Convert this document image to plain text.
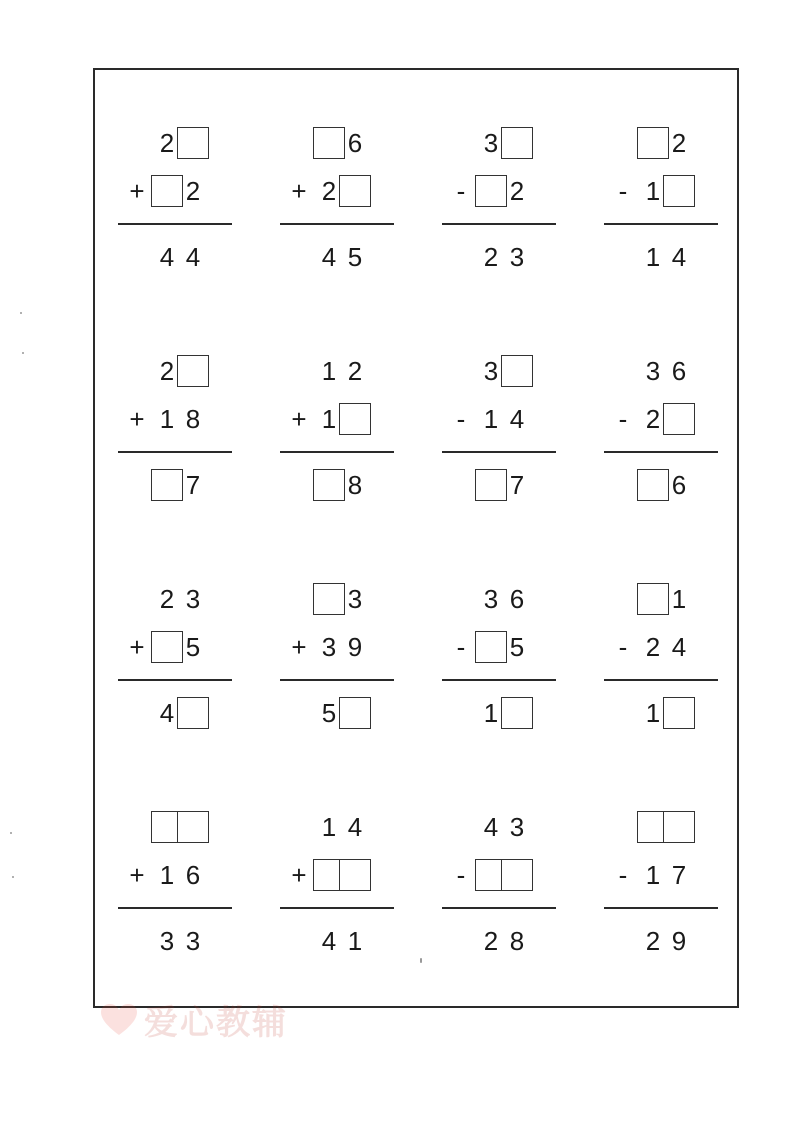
2
+ 2
4 4
6
+ 2
4 5
3
- 2
2 3
2
- 1
1 4
2
+ 1 8
7
1 2
+ 1
8
3
- 1 4
7
3 6
- 2
6
2 3
+ 5
4
3
+ 3 9
5
3 6
- 5
1
1
- 2 4
1
+ 1 6
3 3
1 4
+
4 1
4 3
-
2 8
- 1 7
2 9
爱心教辅
